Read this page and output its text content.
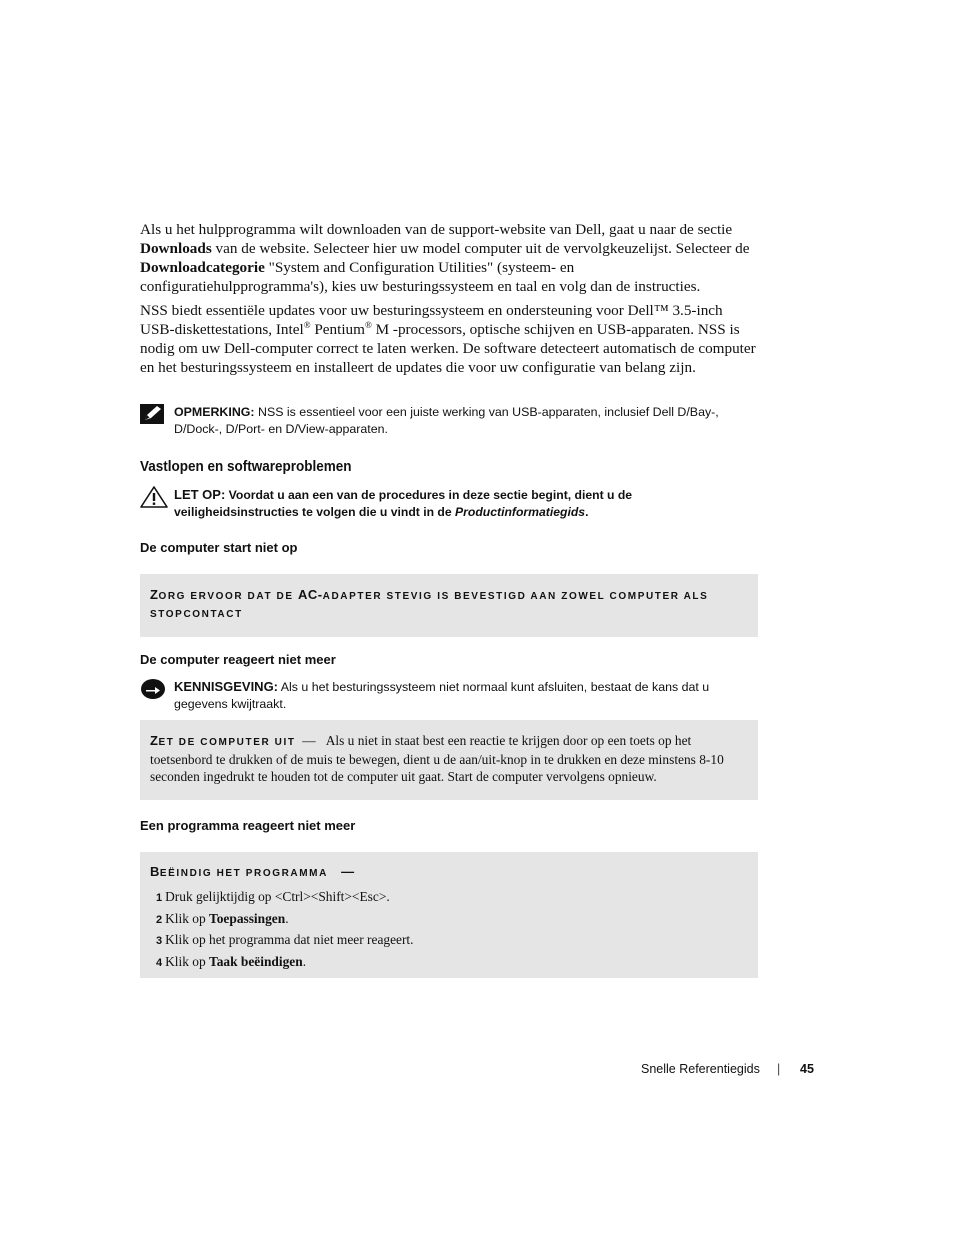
Als u het hulpprogramma wilt downloaden van de support-website van Dell, gaat u naar de sectie Downloads van de website. Selecteer hier uw model computer uit de vervolgkeuzelijst. Selecteer de Downloadcategorie "System and Configuration Utilities" (systeem- en configuratiehulpprogramma's), kies uw besturingssysteem en taal en volg dan de instructies.
NSS biedt essentiële updates voor uw besturingssysteem en ondersteuning voor Dell™ 3.5-inch USB-diskettestations, Intel® Pentium® M -processors, optische schijven en USB-apparaten. NSS is nodig om uw Dell-computer correct te laten werken. De software detecteert automatisch de computer en het besturingssysteem en installeert de updates die voor uw configuratie van belang zijn.
OPMERKING: NSS is essentieel voor een juiste werking van USB-apparaten, inclusief Dell D/Bay-, D/Dock-, D/Port- en D/View-apparaten.
Vastlopen en softwareproblemen
LET OP: Voordat u aan een van de procedures in deze sectie begint, dient u de veiligheidsinstructies te volgen die u vindt in de Productinformatiegids.
De computer start niet op
ZORG ERVOOR DAT DE AC-ADAPTER STEVIG IS BEVESTIGD AAN ZOWEL COMPUTER ALS STOPCONTACT
De computer reageert niet meer
KENNISGEVING: Als u het besturingssysteem niet normaal kunt afsluiten, bestaat de kans dat u gegevens kwijtraakt.
ZET DE COMPUTER UIT — Als u niet in staat best een reactie te krijgen door op een toets op het toetsenbord te drukken of de muis te bewegen, dient u de aan/uit-knop in te drukken en deze minstens 8-10 seconden ingedrukt te houden tot de computer uit gaat. Start de computer vervolgens opnieuw.
Een programma reageert niet meer
BEËINDIG HET PROGRAMMA —
1 Druk gelijktijdig op <Ctrl><Shift><Esc>.
2 Klik op Toepassingen.
3 Klik op het programma dat niet meer reageert.
4 Klik op Taak beëindigen.
Snelle Referentiegids | 45
